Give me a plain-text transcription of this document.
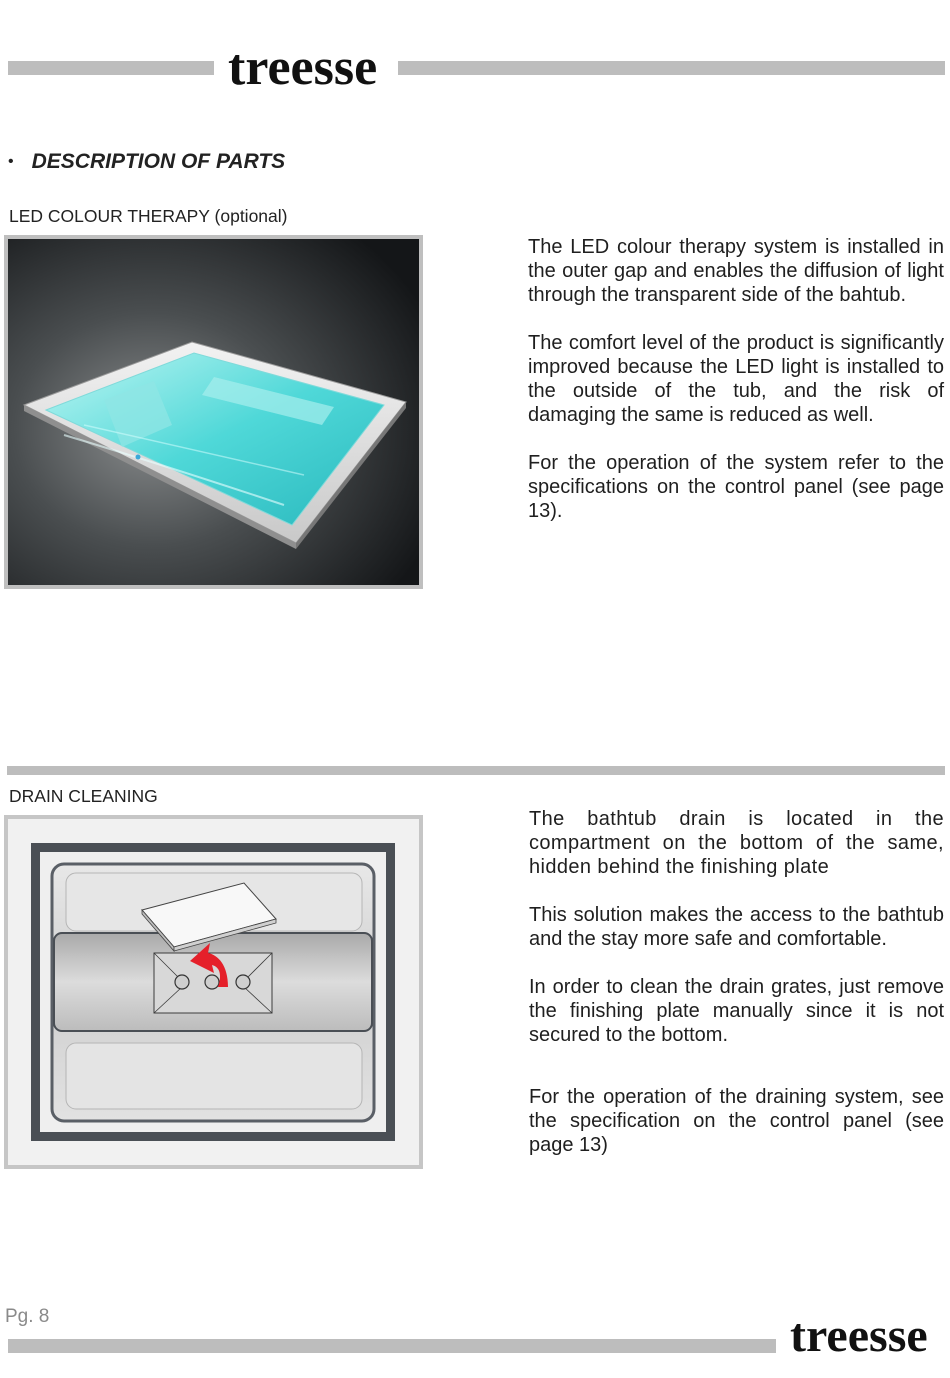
treesse
• DESCRIPTION OF PARTS
LED COLOUR THERAPY (optional)

The LED colour therapy system is installed in the outer gap and enables the diffusion of light through the transparent side of the bahtub.

The comfort level of the product is significantly improved because the LED light is installed to the outside of the tub, and the risk of damaging the same is reduced as well.

For the operation of the system refer to the specifications on the control panel (see page 13).

DRAIN CLEANING

The bathtub drain is located in the compartment on the bottom of the same, hidden behind the finishing plate

This solution makes the access to the bathtub and the stay more safe and comfortable.

In order to clean the drain grates, just remove the finishing plate manually since it is not secured to the bottom.

For the operation of the draining system, see the specification on the control panel (see page 13)

Pg. 8	treesse
